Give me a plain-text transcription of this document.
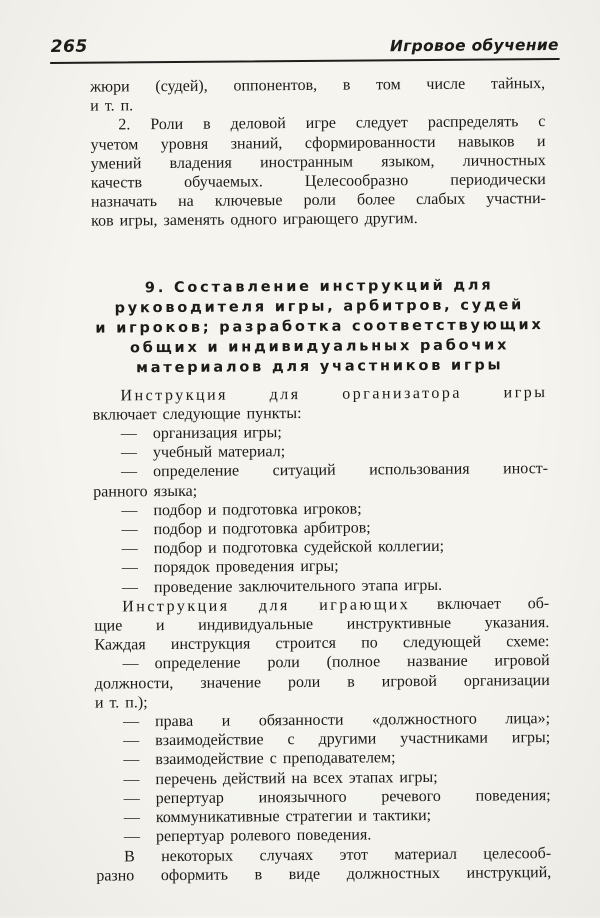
265	Игровое обучение
жюри (судей), оппонентов, в том числе тайных,
и т. п.
2. Роли в деловой игре следует распределять с
учетом уровня знаний, сформированности навыков и
умений владения иностранным языком, личностных
качеств обучаемых. Целесообразно периодически
назначать на ключевые роли более слабых участни-
ков игры, заменять одного играющего другим.
9. Составление инструкций для
руководителя игры, арбитров, судей
и игроков; разработка соответствующих
общих и индивидуальных рабочих
материалов для участников игры
Инструкция для организатора игры
включает следующие пункты:
— организация игры;
— учебный материал;
— определение ситуаций использования иност-
ранного языка;
— подбор и подготовка игроков;
— подбор и подготовка арбитров;
— подбор и подготовка судейской коллегии;
— порядок проведения игры;
— проведение заключительного этапа игры.
Инструкция для играющих включает об-
щие и индивидуальные инструктивные указания.
Каждая инструкция строится по следующей схеме:
— определение роли (полное название игровой
должности, значение роли в игровой организации
и т. п.);
— права и обязанности «должностного лица»;
— взаимодействие с другими участниками игры;
— взаимодействие с преподавателем;
— перечень действий на всех этапах игры;
— репертуар иноязычного речевого поведения;
— коммуникативные стратегии и тактики;
— репертуар ролевого поведения.
В некоторых случаях этот материал целесооб-
разно оформить в виде должностных инструкций,
